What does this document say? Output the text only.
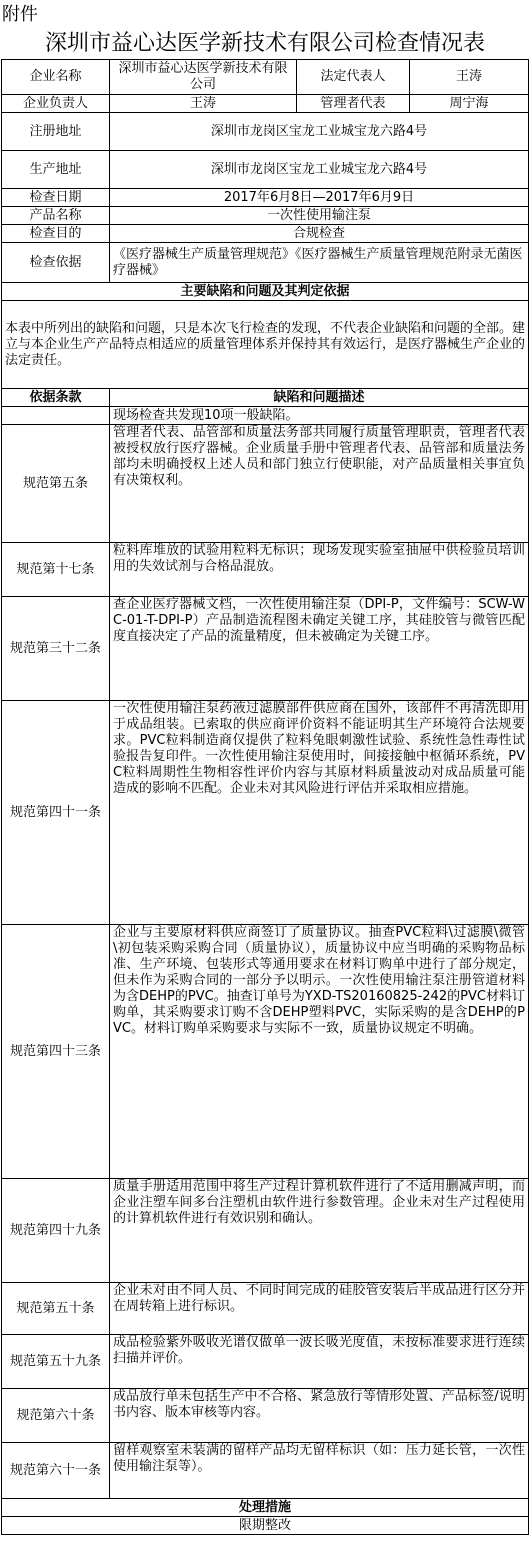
附件
深圳市益心达医学新技术有限公司检查情况表
企业名称	深圳市益心达医学新技术有限公司	法定代表人	王涛
企业负责人	王涛	管理者代表	周宁海
注册地址	深圳市龙岗区宝龙工业城宝龙六路4号		
生产地址	深圳市龙岗区宝龙工业城宝龙六路4号		
检查日期	2017年6月8日—2017年6月9日		
产品名称	一次性使用输注泵		
检查目的	合规检查		
检查依据	《医疗器械生产质量管理规范》《医疗器械生产质量管理规范附录无菌医疗器械》		
主要缺陷和问题及其判定依据			
本表中所列出的缺陷和问题，只是本次飞行检查的发现，不代表企业缺陷和问题的全部。建立与本企业生产产品特点相适应的质量管理体系并保持其有效运行，是医疗器械生产企业的法定责任。			
依据条款	缺陷和问题描述		
	现场检查共发现10项一般缺陷。		
规范第五条	管理者代表、品管部和质量法务部共同履行质量管理职责，管理者代表被授权放行医疗器械。企业质量手册中管理者代表、品管部和质量法务部均未明确授权上述人员和部门独立行使职能，对产品质量相关事宜负有决策权利。		
规范第十七条	粒料库堆放的试验用粒料无标识；现场发现实验室抽屉中供检验员培训用的失效试剂与合格品混放。		
规范第三十二条	查企业医疗器械文档，一次性使用输注泵（DPI-P，文件编号：SCW-WC-01-T-DPI-P）产品制造流程图未确定关键工序，其硅胶管与微管匹配度直接决定了产品的流量精度，但未被确定为关键工序。		
规范第四十一条	一次性使用输注泵药液过滤膜部件供应商在国外，该部件不再清洗即用于成品组装。已索取的供应商评价资料不能证明其生产环境符合法规要求。PVC粒料制造商仅提供了粒料兔眼刺激性试验、系统性急性毒性试验报告复印件。一次性使用输注泵使用时，间接接触中枢循环系统，PVC粒料周期性生物相容性评价内容与其原材料质量波动对成品质量可能造成的影响不匹配。企业未对其风险进行评估并采取相应措施。		
规范第四十三条	企业与主要原材料供应商签订了质量协议。抽查PVC粒料\过滤膜\微管\初包装采购采购合同（质量协议），质量协议中应当明确的采购物品标准、生产环境、包装形式等通用要求在材料订购单中进行了部分规定，但未作为采购合同的一部分予以明示。一次性使用输注泵注册管道材料为含DEHP的PVC。抽查订单号为YXD-TS20160825-242的PVC材料订购单，其采购要求订购不含DEHP塑料PVC，实际采购的是含DEHP的PVC。材料订购单采购要求与实际不一致，质量协议规定不明确。		
规范第四十九条	质量手册适用范围中将生产过程计算机软件进行了不适用删减声明，而企业注塑车间多台注塑机由软件进行参数管理。企业未对生产过程使用的计算机软件进行有效识别和确认。		
规范第五十条	企业未对由不同人员、不同时间完成的硅胶管安装后半成品进行区分并在周转箱上进行标识。		
规范第五十九条	成品检验紫外吸收光谱仅做单一波长吸光度值，未按标准要求进行连续扫描并评价。		
规范第六十条	成品放行单未包括生产中不合格、紧急放行等情形处置、产品标签/说明书内容、版本审核等内容。		
规范第六十一条	留样观察室未装满的留样产品均无留样标识（如：压力延长管，一次性使用输注泵等）。		
处理措施			
限期整改			
